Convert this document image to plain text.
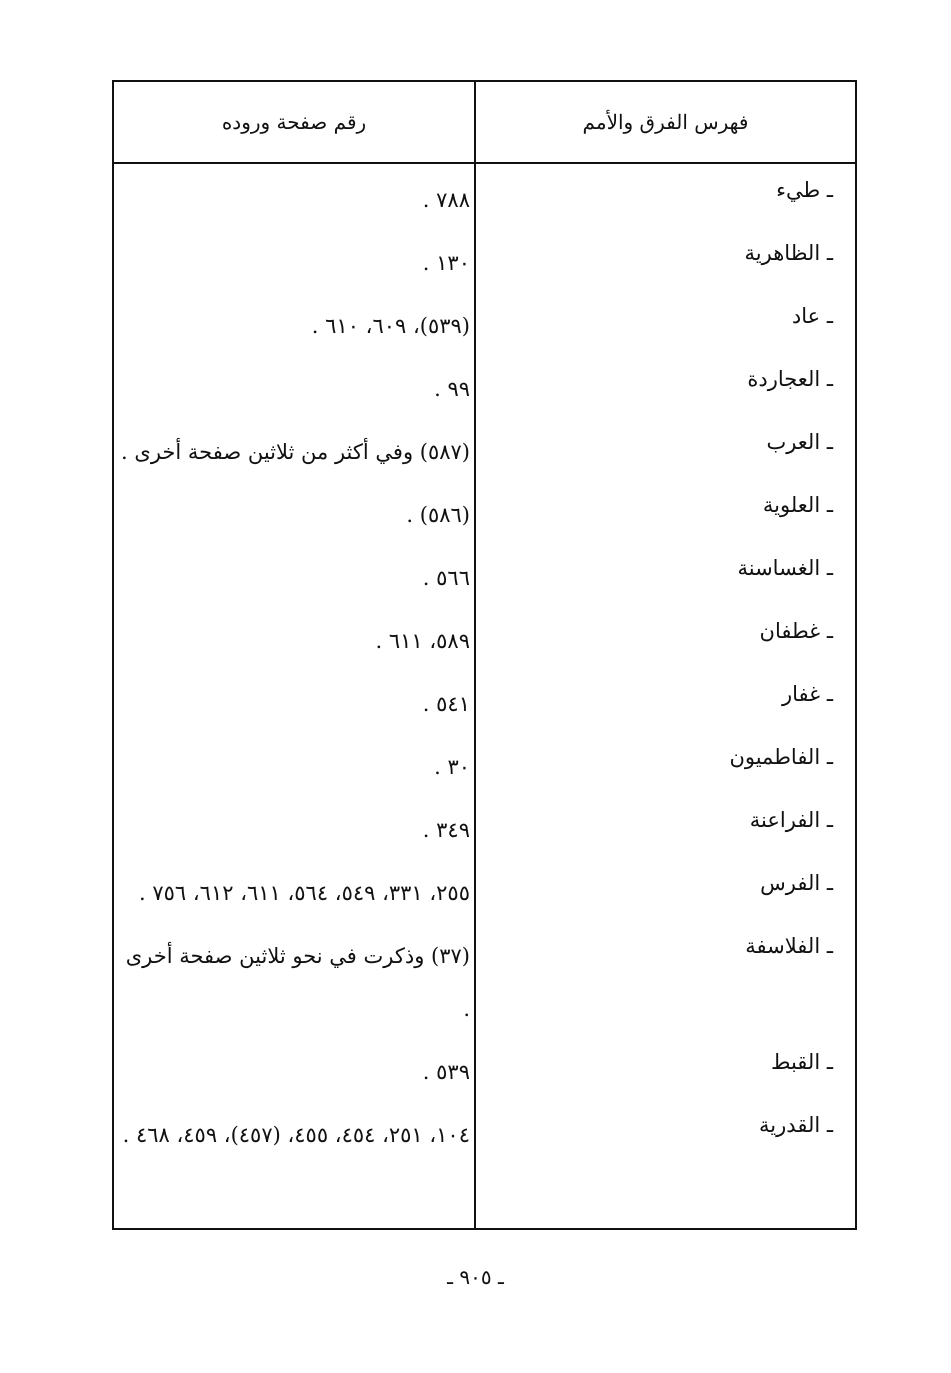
فهرس الفرق والأمم
رقم صفحة وروده
ـ طيء
٧٨٨ .
ـ الظاهرية
١٣٠ .
ـ عاد
(٥٣٩)، ٦٠٩، ٦١٠ .
ـ العجاردة
٩٩ .
ـ العرب
(٥٨٧) وفي أكثر من ثلاثين صفحة أخرى .
ـ العلوية
(٥٨٦) .
ـ الغساسنة
٥٦٦ .
ـ غطفان
٥٨٩، ٦١١ .
ـ غفار
٥٤١ .
ـ الفاطميون
٣٠ .
ـ الفراعنة
٣٤٩ .
ـ الفرس
٢٥٥، ٣٣١، ٥٤٩، ٥٦٤، ٦١١، ٦١٢، ٧٥٦ .
ـ الفلاسفة
(٣٧) وذكرت في نحو ثلاثين صفحة أخرى .
ـ القبط
٥٣٩ .
ـ القدرية
١٠٤، ٢٥١، ٤٥٤، ٤٥٥، (٤٥٧)، ٤٥٩، ٤٦٨ .
ـ ٩٠٥ ـ
